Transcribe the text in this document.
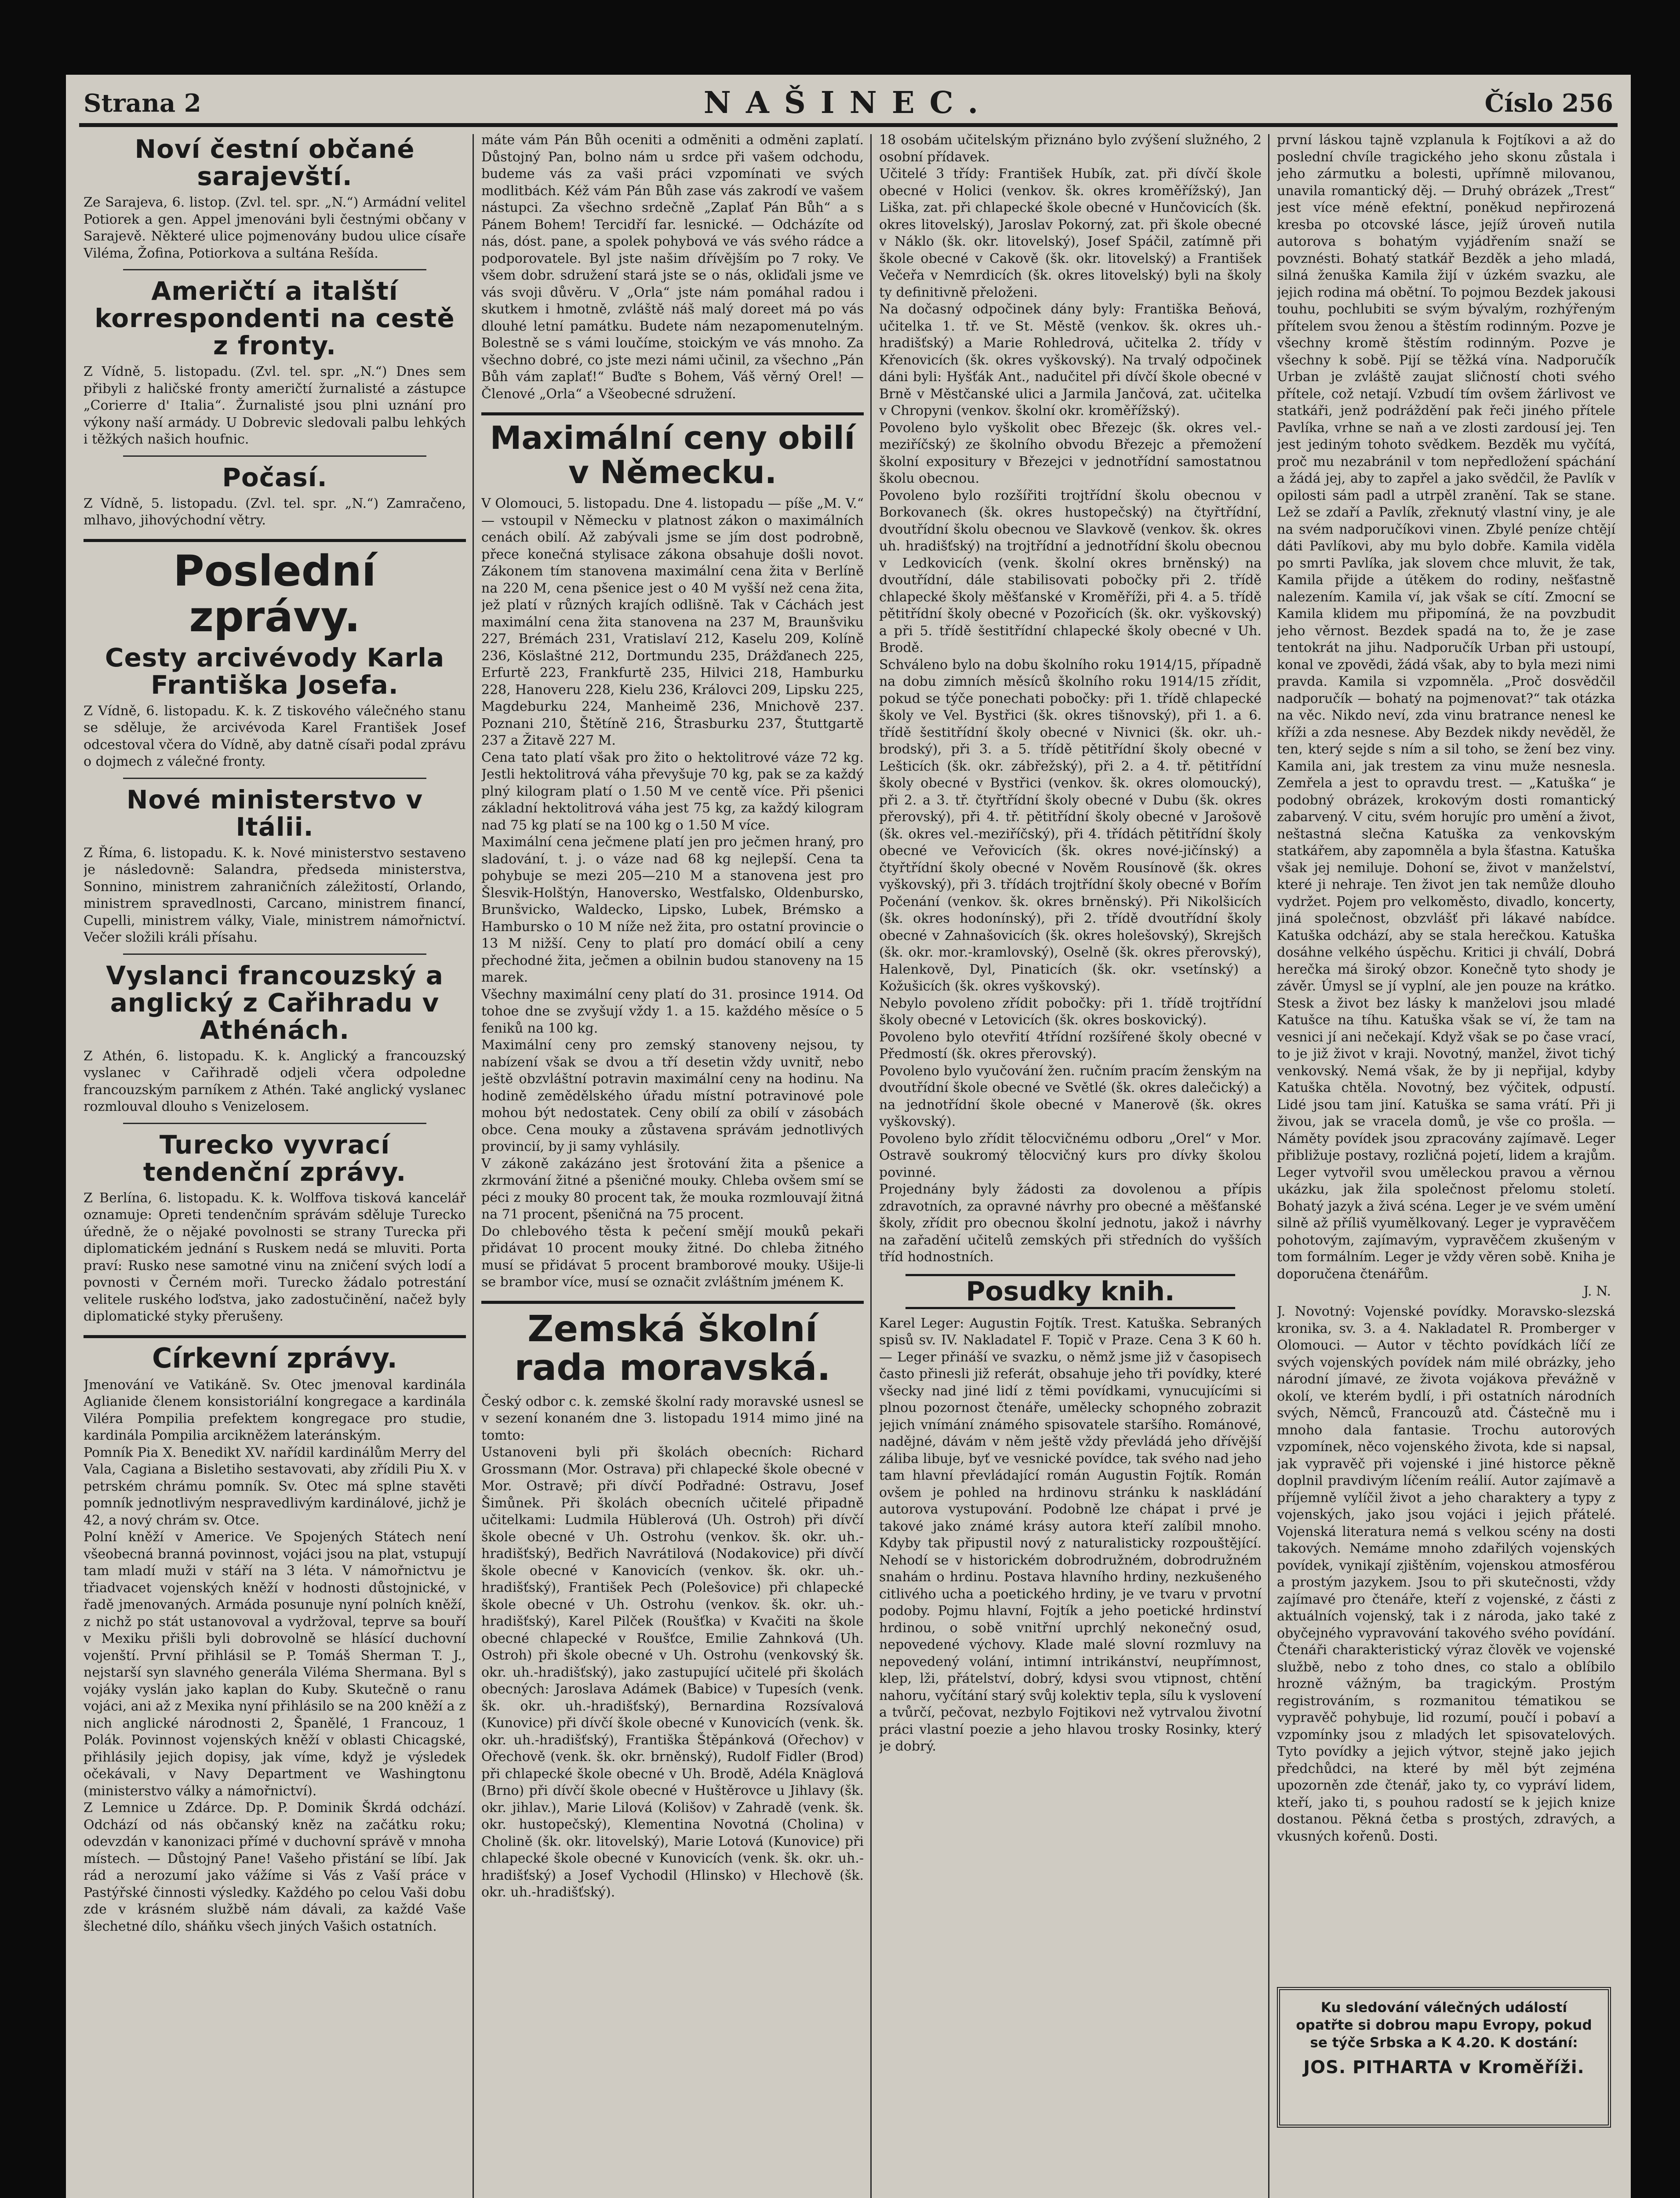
Strana 2	NAŠINEC.	Číslo 256
Noví čestní občané sarajevští.

Ze Sarajeva, 6. listop. (Zvl. tel. spr. „N.“) Armádní velitel Potiorek a gen. Appel jmenováni byli čestnými občany v Sarajevě. Některé ulice pojmenovány budou ulice císaře Viléma, Žofina, Potiorkova a sultána Rešída.

Američtí a italští korrespondenti na cestě z fronty.

Z Vídně, 5. listopadu. (Zvl. tel. spr. „N.“) Dnes sem přibyli z haličské fronty američtí žurnalisté a zástupce „Corierre d' Italia“. Žurnalisté jsou plni uznání pro výkony naší armády. U Dobrevic sledovali palbu lehkých i těžkých našich houfnic.

Počasí.

Z Vídně, 5. listopadu. (Zvl. tel. spr. „N.“) Zamračeno, mlhavo, jihovýchodní větry.

Poslední zprávy.
Cesty arcivévody Karla Františka Josefa.

Z Vídně, 6. listopadu. K. k. Z tiskového válečného stanu se sděluje, že arcivévoda Karel František Josef odcestoval včera do Vídně, aby datně císaři podal zprávu o dojmech z válečné fronty.

Nové ministerstvo v Itálii.

Z Říma, 6. listopadu. K. k. Nové ministerstvo sestaveno je následovně: Salandra, předseda ministerstva, Sonnino, ministrem zahraničních záležitostí, Orlando, ministrem spravedlnosti, Carcano, ministrem financí, Cupelli, ministrem války, Viale, ministrem námořnictví. Večer složili králi přísahu.

Vyslanci francouzský a anglický z Cařihradu v Athénách.

Z Athén, 6. listopadu. K. k. Anglický a francouzský vyslanec v Cařihradě odjeli včera odpoledne francouzským parníkem z Athén. Také anglický vyslanec rozmlouval dlouho s Venizelosem.

Turecko vyvrací tendenční zprávy.

Z Berlína, 6. listopadu. K. k. Wolffova tisková kancelář oznamuje: Opreti tendenčním správám sděluje Turecko úředně, že o nějaké povolnosti se strany Turecka při diplomatickém jednání s Ruskem nedá se mluviti. Porta praví: Rusko nese samotné vinu na zničení svých lodí a povnosti v Černém moři. Turecko žádalo potrestání velitele ruského loďstva, jako zadostučinění, načež byly diplomatické styky přerušeny.

Církevní zprávy.

Jmenování ve Vatikáně. Sv. Otec jmenoval kardinála Aglianide členem konsistoriální kongregace a kardinála Viléra Pompilia prefektem kongregace pro studie, kardinála Pompilia arcikněžem lateránským.

Pomník Pia X. Benedikt XV. nařídil kardinálům Merry del Vala, Cagiana a Bisletiho sestavovati, aby zřídili Piu X. v petrském chrámu pomník. Sv. Otec má splne stavěti pomník jednotlivým nespravedlivým kardinálové, jichž je 42, a nový chrám sv. Otce.

Polní kněží v Americe. Ve Spojených Státech není všeobecná branná povinnost, vojáci jsou na plat, vstupují tam mladí muži v stáří na 3 léta. V námořnictvu je třiadvacet vojenských kněží v hodnosti důstojnické, v řadě jmenovaných. Armáda posunuje nyní polních kněží, z nichž po stát ustanovoval a vydržoval, teprve sa bouří v Mexiku přišli byli dobrovolně se hlásící duchovní vojenští. První přihlásil se P. Tomáš Sherman T. J., nejstarší syn slavného generála Viléma Shermana. Byl s vojáky vyslán jako kaplan do Kuby. Skutečně o ranu vojáci, ani až z Mexika nyní přihlásilo se na 200 kněží a z nich anglické národnosti 2, Španělé, 1 Francouz, 1 Polák. Povinnost vojenských kněží v oblasti Chicagské, přihlásily jejich dopisy, jak víme, když je výsledek očekávali, v Navy Department ve Washingtonu (ministerstvo války a námořnictví).

Z Lemnice u Zdárce. Dp. P. Dominik Škrdá odchází. Odchází od nás občanský kněz na začátku roku; odevzdán v kanonizaci přímé v duchovní správě v mnoha místech. — Důstojný Pane! Vašeho přistání se líbí. Jak rád a nerozumí jako vážíme si Vás z Vaší práce v Pastýřské činnosti výsledky. Každého po celou Vaši dobu zde v krásném službě nám dávali, za každé Vaše šlechetné dílo, sháňku všech jiných Vašich ostatních.

máte vám Pán Bůh oceniti a odměniti a odměni zaplatí. Důstojný Pan, bolno nám u srdce při vašem odchodu, budeme vás za vaši práci vzpomínati ve svých modlitbách. Kéž vám Pán Bůh zase vás zakrodí ve vašem nástupci. Za všechno srdečně „Zaplať Pán Bůh“ a s Pánem Bohem! Tercidří far. lesnické. — Odcházíte od nás, dóst. pane, a spolek pohybová ve vás svého rádce a podporovatele. Byl jste našim dřívějším po 7 roky. Ve všem dobr. sdružení stará jste se o nás, okliďali jsme ve vás svoji důvěru. V „Orla“ jste nám pomáhal radou i skutkem i hmotně, zvláště náš malý doreet má po vás dlouhé letní památku. Budete nám nezapomenutelným. Bolestně se s vámi loučíme, stoickým ve vás mnoho. Za všechno dobré, co jste mezi námi učinil, za všechno „Pán Bůh vám zaplať!“ Buďte s Bohem, Váš věrný Orel! — Členové „Orla“ a Všeobecné sdružení.

Maximální ceny obilí v Německu.

V Olomouci, 5. listopadu. Dne 4. listopadu — píše „M. V.“ — vstoupil v Německu v platnost zákon o maximálních cenách obilí. Až zabývali jsme se jím dost podrobně, přece konečná stylisace zákona obsahuje došli novot. Zákonem tím stanovena maximální cena žita v Berlíně na 220 M, cena pšenice jest o 40 M vyšší než cena žita, jež platí v různých krajích odlišně. Tak v Cáchách jest maximální cena žita stanovena na 237 M, Braunšviku 227, Brémách 231, Vratislaví 212, Kaselu 209, Kolíně 236, Köslaštné 212, Dortmundu 235, Drážďanech 225, Erfurtě 223, Frankfurtě 235, Hilvici 218, Hamburku 228, Hanoveru 228, Kielu 236, Královci 209, Lipsku 225, Magdeburku 224, Manheimě 236, Mnichově 237. Poznani 210, Štětíně 216, Štrasburku 237, Štuttgartě 237 a Žitavě 227 M.

Cena tato platí však pro žito o hektolitrové váze 72 kg. Jestli hektolitrová váha převyšuje 70 kg, pak se za každý plný kilogram platí o 1.50 M ve centě více. Při pšenici základní hektolitrová váha jest 75 kg, za každý kilogram nad 75 kg platí se na 100 kg o 1.50 M více.

Maximální cena ječmene platí jen pro ječmen hraný, pro sladování, t. j. o váze nad 68 kg nejlepší. Cena ta pohybuje se mezi 205—210 M a stanovena jest pro Šlesvik-Holštýn, Hanoversko, Westfalsko, Oldenbursko, Brunšvicko, Waldecko, Lipsko, Lubek, Brémsko a Hambursko o 10 M níže než žita, pro ostatní provincie o 13 M nižší. Ceny to platí pro domácí obilí a ceny přechodné žita, ječmen a obilnin budou stanoveny na 15 marek.

Všechny maximální ceny platí do 31. prosince 1914. Od tohoe dne se zvyšují vždy 1. a 15. každého měsíce o 5 feniků na 100 kg.

Maximální ceny pro zemský stanoveny nejsou, ty nabízení však se dvou a tří desetin vždy uvnitř, nebo ještě obzvláštní potravin maximální ceny na hodinu. Na hodině zemědělského úřadu místní potravinové pole mohou být nedostatek. Ceny obilí za obilí v zásobách obce. Cena mouky a zůstavena správám jednotlivých provincií, by ji samy vyhlásily.

V zákoně zakázáno jest šrotování žita a pšenice a zkrmování žitné a pšeničné mouky. Chleba ovšem smí se péci z mouky 80 procent tak, že mouka rozmlouvají žitná na 71 procent, pšeničná na 75 procent.

Do chlebového těsta k pečení smějí mouků pekaři přidávat 10 procent mouky žitné. Do chleba žitného musí se přidávat 5 procent bramborové mouky. Ušije-li se brambor více, musí se označit zvláštním jménem K.

Zemská školní rada moravská.

Český odbor c. k. zemské školní rady moravské usnesl se v sezení konaném dne 3. listopadu 1914 mimo jiné na tomto:

Ustanoveni byli při školách obecních: Richard Grossmann (Mor. Ostrava) při chlapecké škole obecné v Mor. Ostravě; při dívčí Podřadné: Ostravu, Josef Šimůnek. Při školách obecních učitelé připadně učitelkami: Ludmila Hüblerová (Uh. Ostroh) při dívčí škole obecné v Uh. Ostrohu (venkov. šk. okr. uh.-hradišťský), Bedřich Navrátilová (Nodakovice) při dívčí škole obecné v Kanovicích (venkov. šk. okr. uh.-hradišťský), František Pech (Polešovice) při chlapecké škole obecné v Uh. Ostrohu (venkov. šk. okr. uh.-hradišťský), Karel Pilček (Roušťka) v Kvačiti na škole obecné chlapecké v Roušťce, Emilie Zahnková (Uh. Ostroh) při škole obecné v Uh. Ostrohu (venkovský šk. okr. uh.-hradišťský), jako zastupující učitelé při školách obecných: Jaroslava Adámek (Babice) v Tupesích (venk. šk. okr. uh.-hradišťský), Bernardina Rozsívalová (Kunovice) při dívčí škole obecné v Kunovicích (venk. šk. okr. uh.-hradišťský), Františka Štěpánková (Ořechov) v Ořechově (venk. šk. okr. brněnský), Rudolf Fidler (Brod) při chlapecké škole obecné v Uh. Brodě, Adéla Knäglová (Brno) při dívčí škole obecné v Huštěrovce u Jihlavy (šk. okr. jihlav.), Marie Lilová (Kolišov) v Zahradě (venk. šk. okr. hustopečský), Klementina Novotná (Cholina) v Cholině (šk. okr. litovelský), Marie Lotová (Kunovice) při chlapecké škole obecné v Kunovicích (venk. šk. okr. uh.-hradišťský) a Josef Vychodil (Hlinsko) v Hlechově (šk. okr. uh.-hradišťský).

18 osobám učitelským přiznáno bylo zvýšení služného, 2 osobní přídavek.

Učitelé 3 třídy: František Hubík, zat. při dívčí škole obecné v Holici (venkov. šk. okres kroměřížský), Jan Liška, zat. při chlapecké škole obecné v Hunčovicích (šk. okres litovelský), Jaroslav Pokorný, zat. při škole obecné v Náklo (šk. okr. litovelský), Josef Spáčil, zatímně při škole obecné v Cakově (šk. okr. litovelský) a František Večeřa v Nemrdicích (šk. okres litovelský) byli na školy ty definitivně přeloženi.

Na dočasný odpočinek dány byly: Františka Beňová, učitelka 1. tř. ve St. Městě (venkov. šk. okres uh.-hradišťský) a Marie Rohledrová, učitelka 2. třídy v Křenovicích (šk. okres vyškovský). Na trvalý odpočinek dáni byli: Hyšťák Ant., nadučitel při dívčí škole obecné v Brně v Městčanské ulici a Jarmila Jančová, zat. učitelka v Chropyni (venkov. školní okr. kroměřížský).

Povoleno bylo vyškolit obec Březejc (šk. okres vel.-meziříčský) ze školního obvodu Březejc a přemožení školní expositury v Březejci v jednotřídní samostatnou školu obecnou.

Povoleno bylo rozšířiti trojtřídní školu obecnou v Borkovanech (šk. okres hustopečský) na čtyřtřídní, dvoutřídní školu obecnou ve Slavkově (venkov. šk. okres uh. hradišťský) na trojtřídní a jednotřídní školu obecnou v Ledkovicích (venk. školní okres brněnský) na dvoutřídní, dále stabilisovati pobočky při 2. třídě chlapecké školy měšťanské v Kroměříži, při 4. a 5. třídě pětitřídní školy obecné v Pozořicích (šk. okr. vyškovský) a při 5. třídě šestitřídní chlapecké školy obecné v Uh. Brodě.

Schváleno bylo na dobu školního roku 1914/15, případně na dobu zimních měsíců školního roku 1914/15 zřídit, pokud se týče ponechati pobočky: při 1. třídě chlapecké školy ve Vel. Bystřici (šk. okres tišnovský), při 1. a 6. třídě šestitřídní školy obecné v Nivnici (šk. okr. uh.-brodský), při 3. a 5. třídě pětitřídní školy obecné v Lešticích (šk. okr. zábřežský), při 2. a 4. tř. pětitřídní školy obecné v Bystřici (venkov. šk. okres olomoucký), při 2. a 3. tř. čtyřtřídní školy obecné v Dubu (šk. okres přerovský), při 4. tř. pětitřídní školy obecné v Jarošově (šk. okres vel.-meziříčský), při 4. třídách pětitřídní školy obecné ve Veřovicích (šk. okres nové-jičínský) a čtyřtřídní školy obecné v Nověm Rousínově (šk. okres vyškovský), při 3. třídách trojtřídní školy obecné v Bořím Počenání (venkov. šk. okres brněnský). Při Nikolšicích (šk. okres hodonínský), při 2. třídě dvoutřídní školy obecné v Zahnašovicích (šk. okres holešovský), Skrejšch (šk. okr. mor.-kramlovský), Oselně (šk. okres přerovský), Halenkově, Dyl, Pinaticích (šk. okr. vsetínský) a Kožušicích (šk. okres vyškovský).

Nebylo povoleno zřídit pobočky: při 1. třídě trojtřídní školy obecné v Letovicích (šk. okres boskovický).

Povoleno bylo otevřití 4třídní rozšířené školy obecné v Předmostí (šk. okres přerovský).

Povoleno bylo vyučování žen. ručním pracím ženským na dvoutřídní škole obecné ve Světlé (šk. okres dalečický) a na jednotřídní škole obecné v Manerově (šk. okres vyškovský).

Povoleno bylo zřídit tělocvičnému odboru „Orel“ v Mor. Ostravě soukromý tělocvičný kurs pro dívky školou povinné.

Projednány byly žádosti za dovolenou a přípis zdravotních, za opravné návrhy pro obecné a měšťanské školy, zřídit pro obecnou školní jednotu, jakož i návrhy na zařadění učitelů zemských při středních do vyšších tříd hodnostních.

Posudky knih.

Karel Leger: Augustin Fojtík. Trest. Katuška. Sebraných spisů sv. IV. Nakladatel F. Topič v Praze. Cena 3 K 60 h. — Leger přináší ve svazku, o němž jsme již v časopisech často přinesli již referát, obsahuje jeho tři povídky, které všecky nad jiné lidí z těmi povídkami, vynucujícími si plnou pozornost čtenáře, umělecky schopného zobrazit jejich vnímání známého spisovatele staršího. Románové, nadějné, dávám v něm ještě vždy převládá jeho dřívější záliba libuje, byť ve vesnické povídce, tak svého nad jeho tam hlavní převládající román Augustin Fojtík. Román ovšem je pohled na hrdinovu stránku k naskládání autorova vystupování. Podobně lze chápat i prvé je takové jako známé krásy autora kteří zalíbil mnoho. Kdyby tak připustil nový z naturalisticky rozpouštějící. Nehodí se v historickém dobrodružném, dobrodružném snahám o hrdinu. Postava hlavního hrdiny, nezkušeného citlivého ucha a poetického hrdiny, je ve tvaru v prvotní podoby. Pojmu hlavní, Fojtík a jeho poetické hrdinství hrdinou, o sobě vnitřní uprchlý nekonečný osud, nepovedené výchovy. Klade malé slovní rozmluvy na nepovedený volání, intimní intrikánství, neupřímnost, klep, lži, přátelství, dobrý, kdysi svou vtipnost, chtění nahoru, vyčítání starý svůj kolektiv tepla, sílu k vyslovení a tvůrčí, pečovat, nezbylo Fojtikovi než vytrvalou životní práci vlastní poezie a jeho hlavou trosky Rosinky, který je dobrý.

první láskou tajně vzplanula k Fojtíkovi a až do poslední chvíle tragického jeho skonu zůstala i jeho zármutku a bolesti, upřímně milovanou, unavila romantický děj. — Druhý obrázek „Trest“ jest více méně efektní, poněkud nepřirozená kresba po otcovské lásce, jejíž úroveň nutila autorova s bohatým vyjádřením snaží se povznésti. Bohatý statkář Bezděk a jeho mladá, silná ženuška Kamila žijí v úzkém svazku, ale jejich rodina má obětní. To pojmou Bezdek jakousi touhu, pochlubiti se svým bývalým, rozhýřeným přítelem svou ženou a štěstím rodinným. Pozve je všechny kromě štěstím rodinným. Pozve je všechny k sobě. Pijí se těžká vína. Nadporučík Urban je zvláště zaujat sličností choti svého přítele, což netají. Vzbudí tím ovšem žárlivost ve statkáři, jenž podráždění pak řeči jiného přítele Pavlíka, vrhne se naň a ve zlosti zardousí jej. Ten jest jediným tohoto svědkem. Bezděk mu vyčítá, proč mu nezabránil v tom nepředložení spáchání a žádá jej, aby to zapřel a jako svědčil, že Pavlík v opilosti sám padl a utrpěl zranění. Tak se stane. Lež se zdaří a Pavlík, zřeknutý vlastní viny, je ale na svém nadporučíkovi vinen. Zbylé peníze chtějí dáti Pavlíkovi, aby mu bylo dobře. Kamila viděla po smrti Pavlíka, jak slovem chce mluvit, že tak, Kamila přijde a útěkem do rodiny, nešťastně nalezením. Kamila ví, jak však se cítí. Zmocní se Kamila klidem mu připomíná, že na povzbudit jeho věrnost. Bezdek spadá na to, že je zase tentokrát na jihu. Nadporučík Urban při ustoupí, konal ve zpovědi, žádá však, aby to byla mezi nimi pravda. Kamila si vzpomněla. „Proč dosvědčil nadporučík — bohatý na pojmenovat?“ tak otázka na věc. Nikdo neví, zda vinu bratrance nenesl ke kříži a zda nesnese. Aby Bezdek nikdy nevěděl, že ten, který sejde s ním a sil toho, se žení bez viny. Kamila ani, jak trestem za vinu muže nesnesla. Zemřela a jest to opravdu trest. — „Katuška“ je podobný obrázek, krokovým dosti romantický zabarvený. V citu, svém horujíc pro umění a život, neštastná slečna Katuška za venkovským statkářem, aby zapomněla a byla šťastna. Katuška však jej nemiluje. Dohoní se, život v manželství, které ji nehraje. Ten život jen tak nemůže dlouho vydržet. Pojem pro velkoměsto, divadlo, koncerty, jiná společnost, obzvlášť při lákavé nabídce. Katuška odchází, aby se stala herečkou. Katuška dosáhne velkého úspěchu. Kritici ji chválí, Dobrá herečka má široký obzor. Konečně tyto shody je závěr. Úmysl se jí vyplní, ale jen pouze na krátko. Stesk a život bez lásky k manželovi jsou mladé Katušce na tíhu. Katuška však se ví, že tam na vesnici jí ani nečekají. Když však se po čase vrací, to je již život v kraji. Novotný, manžel, život tichý venkovský. Nemá však, že by ji nepřijal, kdyby Katuška chtěla. Novotný, bez výčitek, odpustí. Lidé jsou tam jiní. Katuška se sama vrátí. Při ji živou, jak se vracela domů, je vše co prošla. — Náměty povídek jsou zpracovány zajímavě. Leger přibližuje postavy, rozličná pojetí, lidem a krajům. Leger vytvořil svou uměleckou pravou a věrnou ukázku, jak žila společnost přelomu století. Bohatý jazyk a živá scéna. Leger je ve svém umění silně až příliš vyumělkovaný. Leger je vypravěčem pohotovým, zajímavým, vypravěčem zkušeným v tom formálním. Leger je vždy věren sobě. Kniha je doporučena čtenářům.

J. N.

J. Novotný: Vojenské povídky. Moravsko-slezská kronika, sv. 3. a 4. Nakladatel R. Promberger v Olomouci. — Autor v těchto povídkách líčí ze svých vojenských povídek nám milé obrázky, jeho národní jímavé, ze života vojákova převážně v okolí, ve kterém bydlí, i při ostatních národních svých, Němců, Francouzů atd. Částečně mu i mnoho dala fantasie. Trochu autorových vzpomínek, něco vojenského života, kde si napsal, jak vypravěč při vojenské i jiné historce pěkně doplnil pravdivým líčením reálií. Autor zajímavě a příjemně vylíčil život a jeho charaktery a typy z vojenských, jako jsou vojáci i jejich přátelé. Vojenská literatura nemá s velkou scény na dosti takových. Nemáme mnoho zdařilých vojenských povídek, vynikají zjištěním, vojenskou atmosférou a prostým jazykem. Jsou to při skutečnosti, vždy zajímavé pro čtenáře, kteří z vojenské, z části z aktuálních vojenský, tak i z národa, jako také z obyčejného vypravování takového svého povídání. Čtenáři charakteristický výraz člověk ve vojenské službě, nebo z toho dnes, co stalo a oblíbilo hrozně vážným, ba tragickým. Prostým registrováním, s rozmanitou tématikou se vypravěč pohybuje, lid rozumí, poučí i pobaví a vzpomínky jsou z mladých let spisovatelových. Tyto povídky a jejich výtvor, stejně jako jejich předchůdci, na které by měl být zejména upozorněn zde čtenář, jako ty, co vypráví lidem, kteří, jako ti, s pouhou radostí se k jejich knize dostanou. Pěkná četba s prostých, zdravých, a vkusných kořenů. Dosti.

Ku sledování válečných událostí opatřte si dobrou mapu Evropy, pokud se týče Srbska a K 4.20. K dostání:
JOS. PITHARTA v Kroměříži.
